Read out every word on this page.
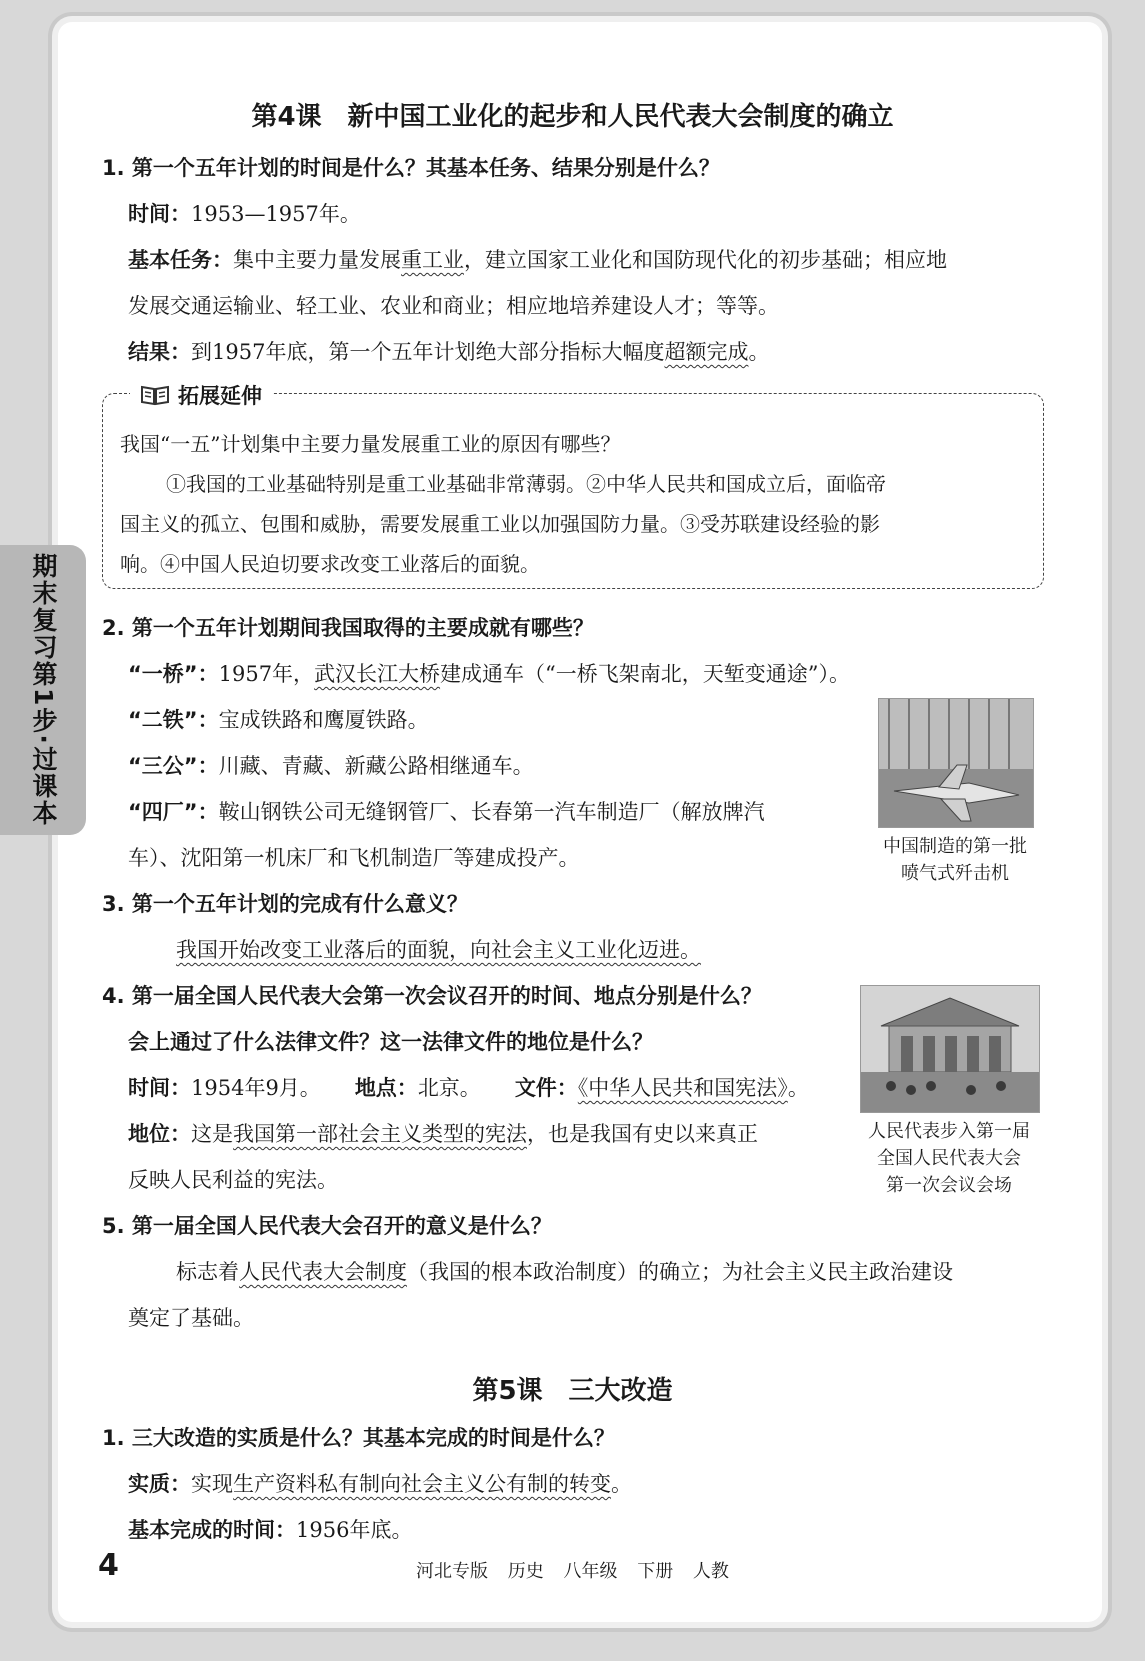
期末复习第1步·过课本
第4课　新中国工业化的起步和人民代表大会制度的确立
1. 第一个五年计划的时间是什么？其基本任务、结果分别是什么？
时间：1953—1957年。
基本任务：集中主要力量发展重工业，建立国家工业化和国防现代化的初步基础；相应地
发展交通运输业、轻工业、农业和商业；相应地培养建设人才；等等。
结果：到1957年底，第一个五年计划绝大部分指标大幅度超额完成。
拓展延伸
我国“一五”计划集中主要力量发展重工业的原因有哪些？
①我国的工业基础特别是重工业基础非常薄弱。②中华人民共和国成立后，面临帝
国主义的孤立、包围和威胁，需要发展重工业以加强国防力量。③受苏联建设经验的影
响。④中国人民迫切要求改变工业落后的面貌。
2. 第一个五年计划期间我国取得的主要成就有哪些？
“一桥”：1957年，武汉长江大桥建成通车（“一桥飞架南北，天堑变通途”）。
“二铁”：宝成铁路和鹰厦铁路。
“三公”：川藏、青藏、新藏公路相继通车。
“四厂”：鞍山钢铁公司无缝钢管厂、长春第一汽车制造厂（解放牌汽
车）、沈阳第一机床厂和飞机制造厂等建成投产。	中国制造的第一批
喷气式歼击机
3. 第一个五年计划的完成有什么意义？
我国开始改变工业落后的面貌，向社会主义工业化迈进。
4. 第一届全国人民代表大会第一次会议召开的时间、地点分别是什么？
会上通过了什么法律文件？这一法律文件的地位是什么？
时间：1954年9月。 地点：北京。 文件：《中华人民共和国宪法》。
地位：这是我国第一部社会主义类型的宪法，也是我国有史以来真正
反映人民利益的宪法。
人民代表步入第一届
全国人民代表大会
第一次会议会场
5. 第一届全国人民代表大会召开的意义是什么？
标志着人民代表大会制度（我国的根本政治制度）的确立；为社会主义民主政治建设
奠定了基础。
第5课　三大改造
1. 三大改造的实质是什么？其基本完成的时间是什么？
实质：实现生产资料私有制向社会主义公有制的转变。
基本完成的时间：1956年底。
4	河北专版 历史 八年级 下册 人教
